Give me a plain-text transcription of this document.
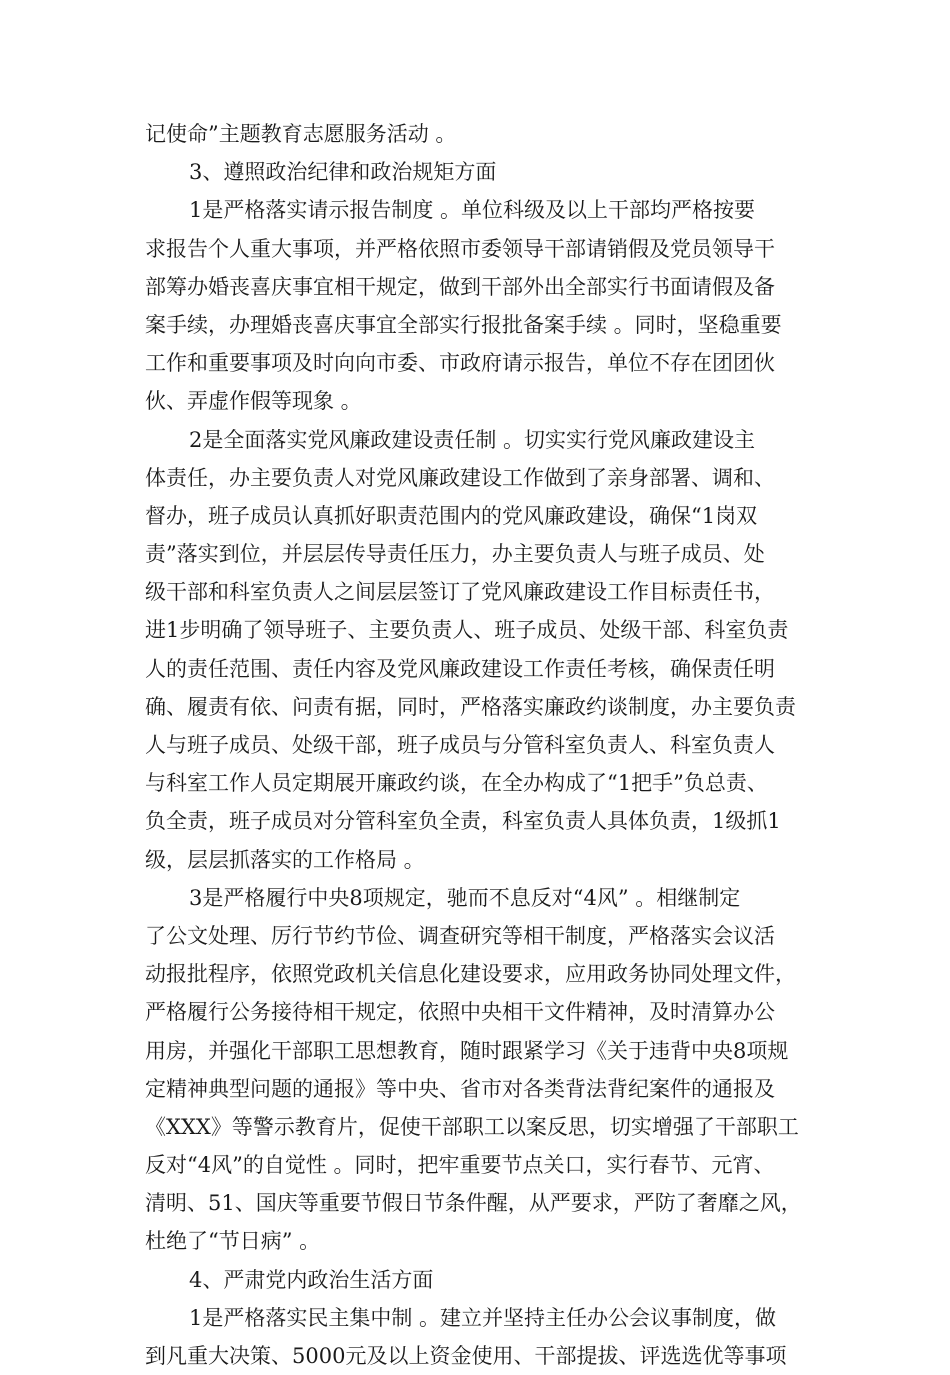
记使命”主题教育志愿服务活动 。
3、遵照政治纪律和政治规矩方面
1是严格落实请示报告制度 。单位科级及以上干部均严格按要
求报告个人重大事项，并严格依照市委领导干部请销假及党员领导干
部筹办婚丧喜庆事宜相干规定，做到干部外出全部实行书面请假及备
案手续，办理婚丧喜庆事宜全部实行报批备案手续 。同时，坚稳重要
工作和重要事项及时向向市委、市政府请示报告，单位不存在团团伙
伙、弄虚作假等现象 。
2是全面落实党风廉政建设责任制 。切实实行党风廉政建设主
体责任，办主要负责人对党风廉政建设工作做到了亲身部署、调和、
督办，班子成员认真抓好职责范围内的党风廉政建设，确保“1岗双
责”落实到位，并层层传导责任压力，办主要负责人与班子成员、处
级干部和科室负责人之间层层签订了党风廉政建设工作目标责任书，
进1步明确了领导班子、主要负责人、班子成员、处级干部、科室负责
人的责任范围、责任内容及党风廉政建设工作责任考核，确保责任明
确、履责有依、问责有据，同时，严格落实廉政约谈制度，办主要负责
人与班子成员、处级干部，班子成员与分管科室负责人、科室负责人
与科室工作人员定期展开廉政约谈，在全办构成了“1把手”负总责、
负全责，班子成员对分管科室负全责，科室负责人具体负责，1级抓1
级，层层抓落实的工作格局 。
3是严格履行中央8项规定，驰而不息反对“4风” 。相继制定
了公文处理、厉行节约节俭、调查研究等相干制度，严格落实会议活
动报批程序，依照党政机关信息化建设要求，应用政务协同处理文件，
严格履行公务接待相干规定，依照中央相干文件精神，及时清算办公
用房，并强化干部职工思想教育，随时跟紧学习《关于违背中央8项规
定精神典型问题的通报》等中央、省市对各类背法背纪案件的通报及
《XXX》等警示教育片，促使干部职工以案反思，切实增强了干部职工
反对“4风”的自觉性 。同时，把牢重要节点关口，实行春节、元宵、
清明、51、国庆等重要节假日节条件醒，从严要求，严防了奢靡之风，
杜绝了“节日病” 。
4、严肃党内政治生活方面
1是严格落实民主集中制 。建立并坚持主任办公会议事制度，做
到凡重大决策、5000元及以上资金使用、干部提拔、评选选优等事项
